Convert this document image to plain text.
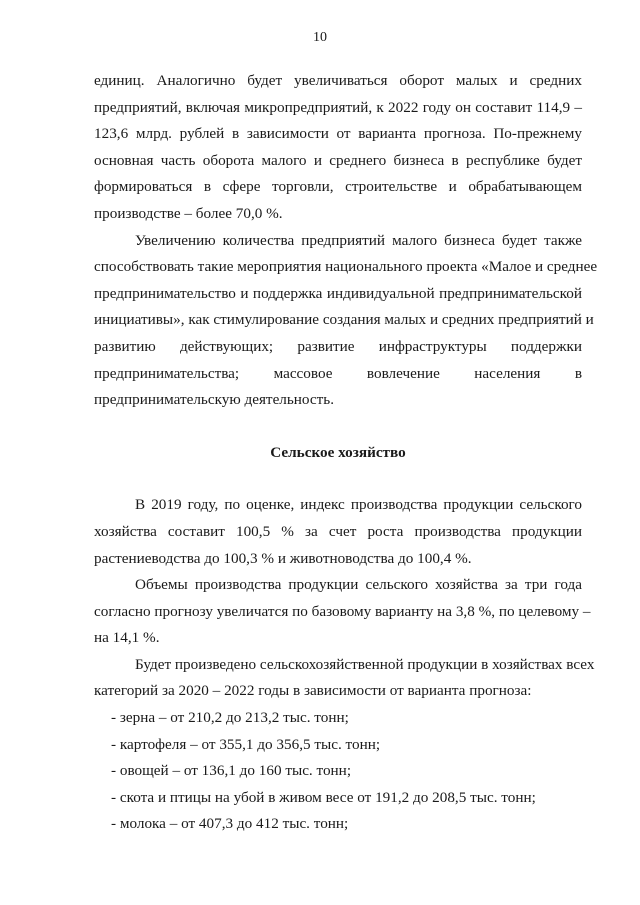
10
единиц. Аналогично будет увеличиваться оборот малых и средних
предприятий, включая микропредприятий, к 2022 году он составит 114,9 –
123,6 млрд. рублей в зависимости от варианта прогноза. По-прежнему
основная часть оборота малого и среднего бизнеса в республике будет
формироваться в сфере торговли, строительстве и обрабатывающем
производстве – более 70,0 %.
Увеличению количества предприятий малого бизнеса будет также
способствовать такие мероприятия национального проекта «Малое и среднее
предпринимательство и поддержка индивидуальной предпринимательской
инициативы», как стимулирование создания малых и средних предприятий и
развитию действующих; развитие инфраструктуры поддержки
предпринимательства; массовое вовлечение населения в
предпринимательскую деятельность.
Сельское хозяйство
В 2019 году, по оценке, индекс производства продукции сельского
хозяйства составит 100,5 % за счет роста производства продукции
растениеводства до 100,3 % и животноводства до 100,4 %.
Объемы производства продукции сельского хозяйства за три года
согласно прогнозу увеличатся по базовому варианту на 3,8 %, по целевому –
на 14,1 %.
Будет произведено сельскохозяйственной продукции в хозяйствах всех
категорий за 2020 – 2022 годы в зависимости от варианта прогноза:
- зерна – от 210,2 до 213,2 тыс. тонн;
- картофеля – от 355,1 до 356,5 тыс. тонн;
- овощей – от 136,1 до 160 тыс. тонн;
- скота и птицы на убой в живом весе от 191,2 до 208,5 тыс. тонн;
- молока – от 407,3 до 412 тыс. тонн;
